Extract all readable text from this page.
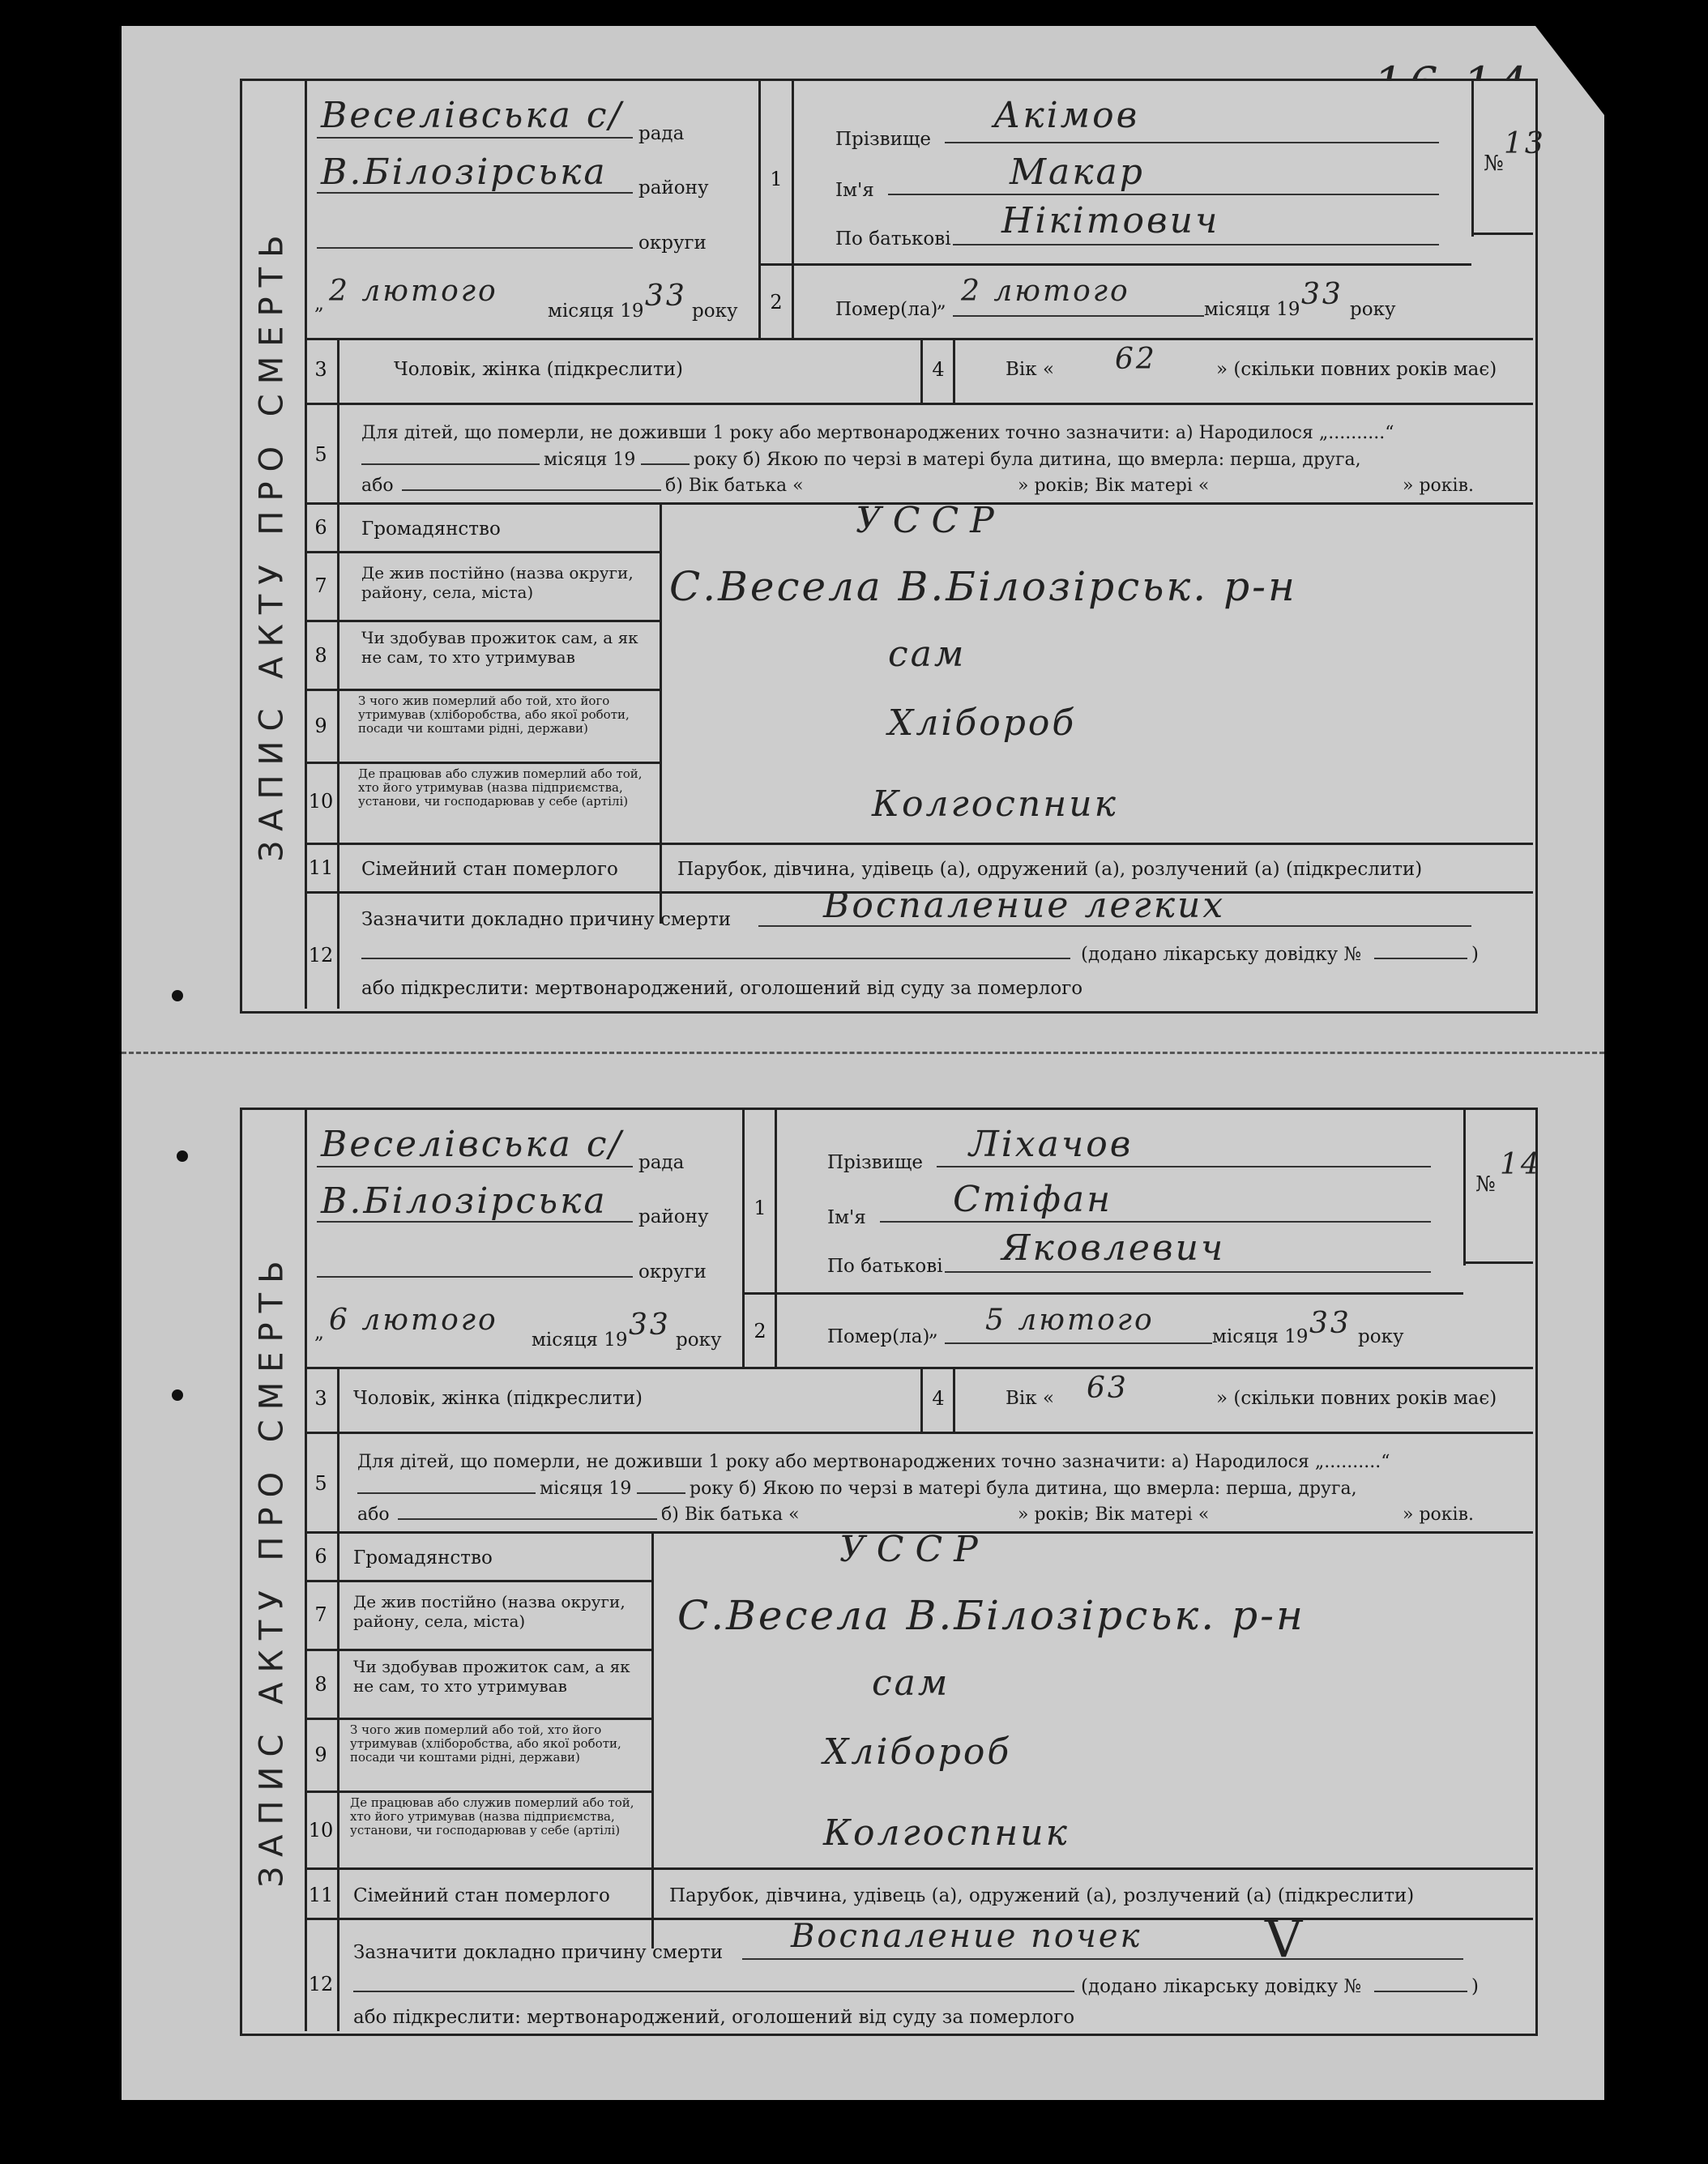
ЗАПИС АКТУ ПРО СМЕРТЬ
Веселівська с/ рада
В.Білозірська району
округи
„ 2 лютого
місяця 19 33 року
1
2
Прізвище
Акімов
Ім'я	Макар
По батькові Нікітович
Помер(ла)
„ 2 лютого
місяця 19 33 року
№
13
3	Чоловік, жінка (підкреслити)	4	Вік « 62	» (скільки повних років має)
5
Для дітей, що померли, не доживши 1 року або мертвонароджених точно зазначити: а) Народилося „..........“
місяця 19	року б) Якою по черзі в матері була дитина, що вмерла: перша, друга,
або	б) Вік батька «	» років; Вік матері «	» років.
6	Громадянство	УССР
7
Де жив постійно (назва округи, району, села, міста)	С.Весела В.Білозірськ. р-н
8
Чи здобував прожиток сам, а як не сам, то хто утримував	сам
9
З чого жив померлий або той, хто його утримував (хліборобства, або якої роботи, посади чи коштами рідні, держави)	Хлібороб
10
Де працював або служив померлий або той, хто його утримував (назва підприємства, установи, чи господарював у себе (артілі)	Колгоспник
11 Сімейний стан померлого	Парубок, дівчина, удівець (а), одружений (а), розлучений (а) (підкреслити)
12
Зазначити докладно причину смерти	Воспаление легких
(додано лікарську довідку №	)
або підкреслити: мертвонароджений, оголошений від суду за померлого
ЗАПИС АКТУ ПРО СМЕРТЬ
Веселівська с/ рада
В.Білозірська району
округи
„ 6 лютого
місяця 19 33 року
1
2
Прізвище Ліхачов
Ім'я Стіфан
По батькові Яковлевич
Помер(ла)
„ 5 лютого	місяця 19 33 року
№
14
3	Чоловік, жінка (підкреслити)	4	Вік « 63	» (скільки повних років має)
5
Для дітей, що померли, не доживши 1 року або мертвонароджених точно зазначити: а) Народилося „..........“
місяця 19	року б) Якою по черзі в матері була дитина, що вмерла: перша, друга,
або	б) Вік батька «	» років; Вік матері «	» років.
6	Громадянство	УССР
7
Де жив постійно (назва округи, району, села, міста)	С.Весела В.Білозірськ. р-н
8
Чи здобував прожиток сам, а як не сам, то хто утримував	сам
9
З чого жив померлий або той, хто його утримував (хліборобства, або якої роботи, посади чи коштами рідні, держави)	Хлібороб
10
Де працював або служив померлий або той, хто його утримував (назва підприємства, установи, чи господарював у себе (артілі)	Колгоспник
11 Сімейний стан померлого	Парубок, дівчина, удівець (а), одружений (а), розлучений (а) (підкреслити)
12
Зазначити докладно причину смерти Воспаление почек V
(додано лікарську довідку №	)
або підкреслити: мертвонароджений, оголошений від суду за померлого
